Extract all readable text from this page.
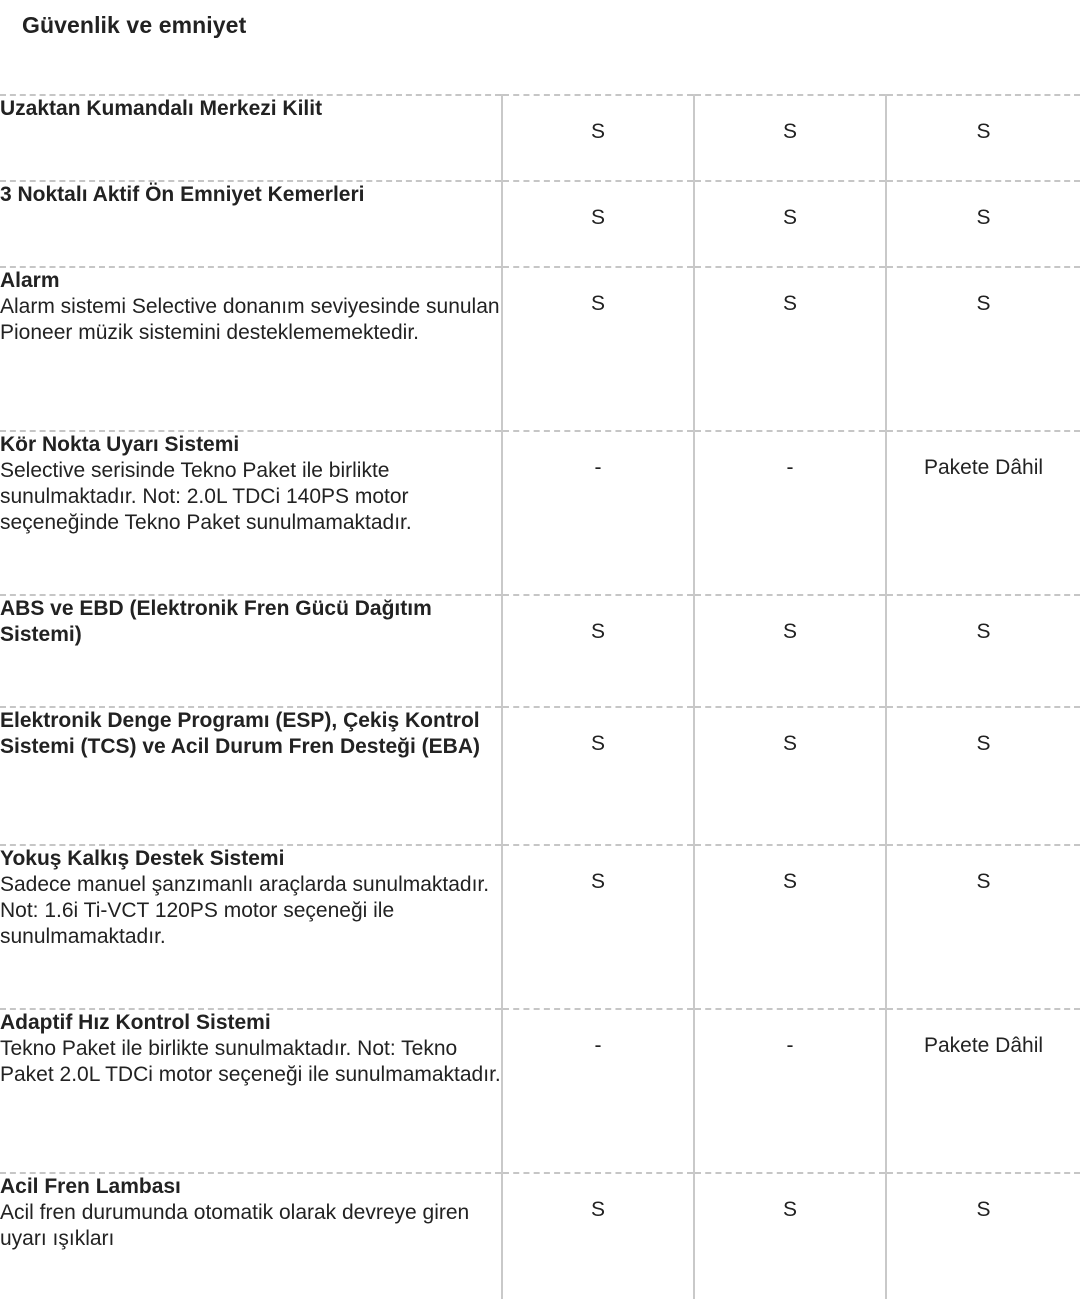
Güvenlik ve emniyet
Uzaktan Kumandalı Merkezi Kilit	S	S	S

3 Noktalı Aktif Ön Emniyet Kemerleri	S	S	S

Alarm
Alarm sistemi Selective donanım seviyesinde sunulan Pioneer müzik sistemini desteklememektedir.	S	S	S

Kör Nokta Uyarı Sistemi
Selective serisinde Tekno Paket ile birlikte sunulmaktadır. Not: 2.0L TDCi 140PS motor seçeneğinde Tekno Paket sunulmamaktadır.	-	-	Pakete Dâhil

ABS ve EBD (Elektronik Fren Gücü Dağıtım Sistemi)	S	S	S

Elektronik Denge Programı (ESP), Çekiş Kontrol Sistemi (TCS) ve Acil Durum Fren Desteği (EBA)	S	S	S

Yokuş Kalkış Destek Sistemi
Sadece manuel şanzımanlı araçlarda sunulmaktadır. Not: 1.6i Ti-VCT 120PS motor seçeneği ile sunulmamaktadır.	S	S	S

Adaptif Hız Kontrol Sistemi
Tekno Paket ile birlikte sunulmaktadır. Not: Tekno Paket 2.0L TDCi motor seçeneği ile sunulmamaktadır.	-	-	Pakete Dâhil

Acil Fren Lambası
Acil fren durumunda otomatik olarak devreye giren uyarı ışıkları	S	S	S
